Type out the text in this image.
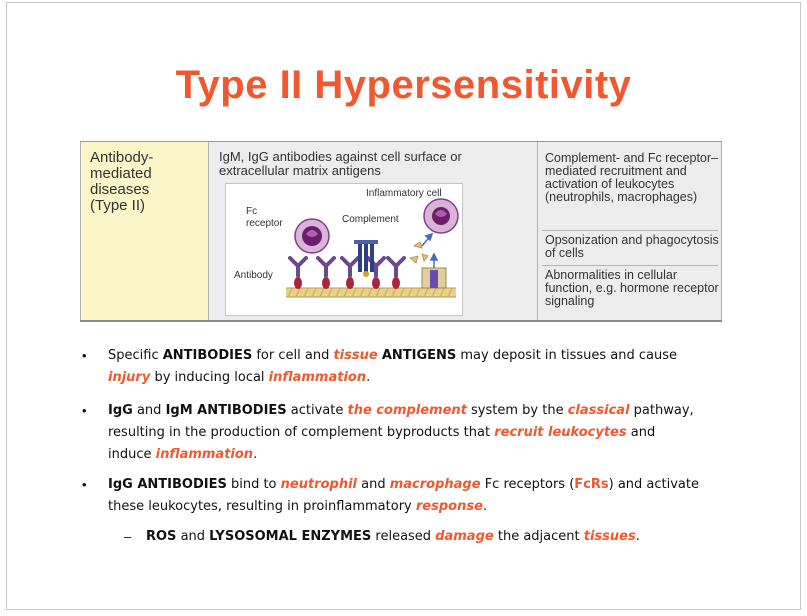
Type II Hypersensitivity
Antibody-
mediated
diseases
(Type II)
IgM, IgG antibodies against cell surface or extracellular matrix antigens
Inflammatory cell
Fc
receptor	Complement
Antibody
Complement- and Fc receptor–mediated recruitment and activation of leukocytes (neutrophils, macrophages)
Opsonization and phagocytosis of cells
Abnormalities in cellular function, e.g. hormone receptor signaling
• Specific ANTIBODIES for cell and tissue ANTIGENS may deposit in tissues and cause
injury by inducing local inflammation.
• IgG and IgM ANTIBODIES activate the complement system by the classical pathway,
resulting in the production of complement byproducts that recruit leukocytes and
induce inflammation.
• IgG ANTIBODIES bind to neutrophil and macrophage Fc receptors (FcRs) and activate
these leukocytes, resulting in proinflammatory response.
– ROS and LYSOSOMAL ENZYMES released damage the adjacent tissues.
